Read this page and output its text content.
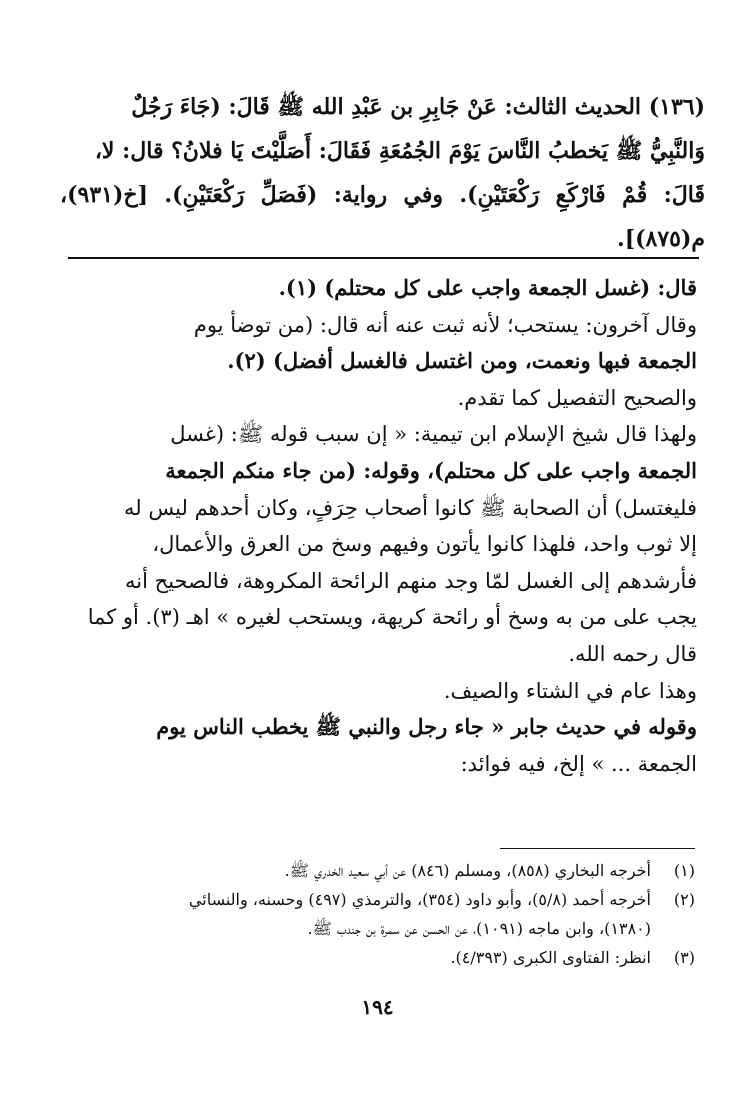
(١٣٦) الحديث الثالث: عَنْ جَابِرِ بن عَبْدِ الله ﷺ قَالَ: (جَاءَ رَجُلٌ

وَالنَّبِيُّ ﷺ يَخطبُ النَّاسَ يَوْمَ الجُمُعَةِ فَقَالَ: أَصَلَّيْتَ يَا فلانُ؟ قال: لا،

قَالَ: قُمْ فَارْكَعِ رَكْعَتَيْنِ). وفي رواية: (فَصَلِّ رَكْعَتَيْنِ). [خ(٩٣١)، م(٨٧٥)].

قال: (غسل الجمعة واجب على كل محتلم) (١).

وقال آخرون: يستحب؛ لأنه ثبت عنه أنه قال: (من توضأ يوم

الجمعة فبها ونعمت، ومن اغتسل فالغسل أفضل) (٢).

والصحيح التفصيل كما تقدم.

ولهذا قال شيخ الإسلام ابن تيمية: « إن سبب قوله ﷺ: (غسل

الجمعة واجب على كل محتلم)، وقوله: (من جاء منكم الجمعة

فليغتسل) أن الصحابة ﷺ كانوا أصحاب حِرَفٍ، وكان أحدهم ليس له

إلا ثوب واحد، فلهذا كانوا يأتون وفيهم وسخ من العرق والأعمال،

فأرشدهم إلى الغسل لمّا وجد منهم الرائحة المكروهة، فالصحيح أنه

يجب على من به وسخ أو رائحة كريهة، ويستحب لغيره » اهـ (٣). أو كما

قال رحمه الله.

وهذا عام في الشتاء والصيف.

وقوله في حديث جابر « جاء رجل والنبي ﷺ يخطب الناس يوم

الجمعة ... » إلخ، فيه فوائد:

(١)
أخرجه البخاري (٨٥٨)، ومسلم (٨٤٦) عن أبي سعيد الخدري ﷺ.
(٢)
أخرجه أحمد (٥/٨)، وأبو داود (٣٥٤)، والترمذي (٤٩٧) وحسنه، والنسائي
(١٣٨٠)، وابن ماجه (١٠٩١)، عن الحسن عن سمرة بن جندب ﷺ.
(٣)
انظر: الفتاوى الكبرى (٤/٣٩٣).
١٩٤
